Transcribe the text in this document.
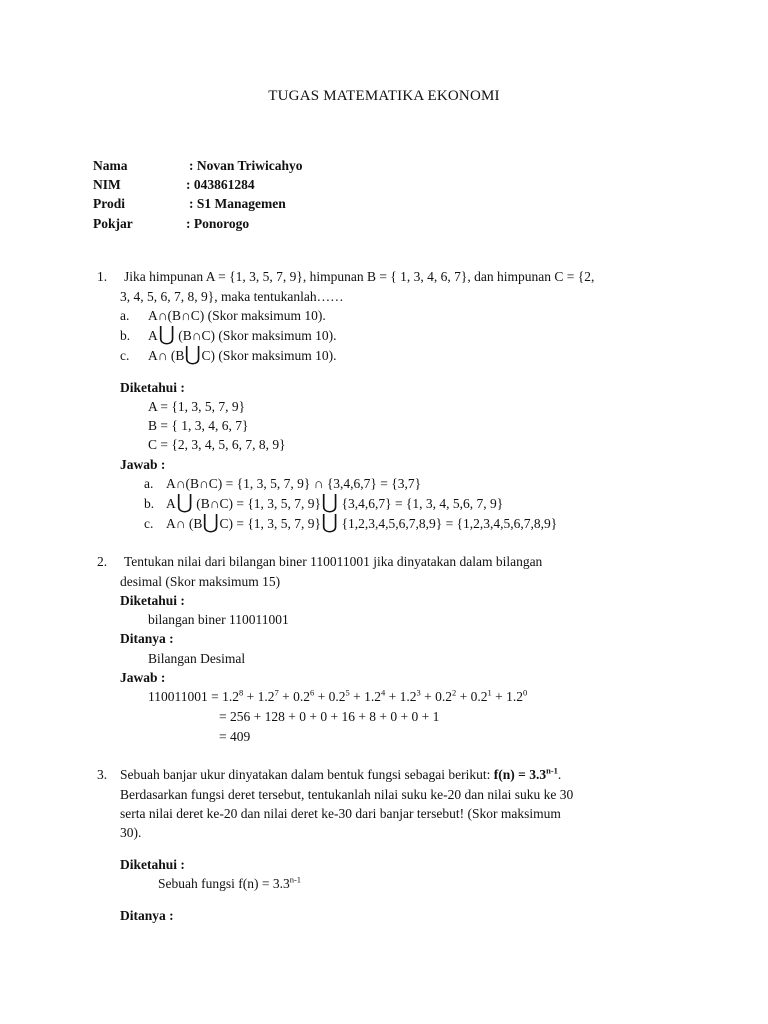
TUGAS MATEMATIKA EKONOMI
Nama	: Novan Triwicahyo
NIM	: 043861284
Prodi	: S1 Managemen
Pokjar	: Ponorogo
1. Jika himpunan A = {1, 3, 5, 7, 9}, himpunan B = { 1, 3, 4, 6, 7}, dan himpunan C = {2,
3, 4, 5, 6, 7, 8, 9}, maka tentukanlah……
a. A∩(B∩C) (Skor maksimum 10).
b. A⋃ (B∩C) (Skor maksimum 10).
c. A∩ (B⋃C) (Skor maksimum 10).
Diketahui :
A = {1, 3, 5, 7, 9}
B = { 1, 3, 4, 6, 7}
C = {2, 3, 4, 5, 6, 7, 8, 9}
Jawab :
a. A∩(B∩C) = {1, 3, 5, 7, 9} ∩ {3,4,6,7} = {3,7}
b. A⋃ (B∩C) = {1, 3, 5, 7, 9}⋃ {3,4,6,7} = {1, 3, 4, 5,6, 7, 9}
c. A∩ (B⋃C) = {1, 3, 5, 7, 9}⋃ {1,2,3,4,5,6,7,8,9} = {1,2,3,4,5,6,7,8,9}
2. Tentukan nilai dari bilangan biner 110011001 jika dinyatakan dalam bilangan
desimal (Skor maksimum 15)
Diketahui :
bilangan biner 110011001
Ditanya :
Bilangan Desimal
Jawab :
$110011001 = 1.2^8 + 1.2^7 + 0.2^6 + 0.2^5 + 1.2^4 + 1.2^3 + 0.2^2 + 0.2^1 + 1.2^0$
= 256 + 128 + 0 + 0 + 16 + 8 + 0 + 0 + 1
= 409
3. Sebuah banjar ukur dinyatakan dalam bentuk fungsi sebagai berikut: $f(n) = 3.3^{n-1}$.
Berdasarkan fungsi deret tersebut, tentukanlah nilai suku ke-20 dan nilai suku ke 30
serta nilai deret ke-20 dan nilai deret ke-30 dari banjar tersebut! (Skor maksimum
30).
Diketahui :
Sebuah fungsi $f(n) = 3.3^{n-1}$
Ditanya :
